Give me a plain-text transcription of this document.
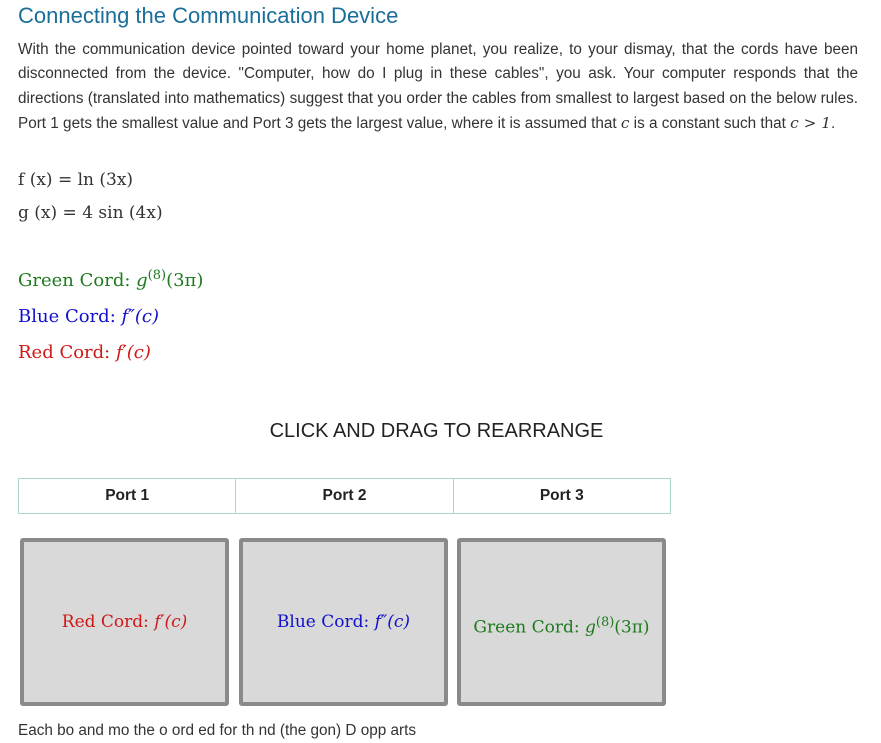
Connecting the Communication Device

With the communication device pointed toward your home planet, you realize, to your dismay, that the cords have been disconnected from the device. "Computer, how do I plug in these cables", you ask. Your computer responds that the directions (translated into mathematics) suggest that you order the cables from smallest to largest based on the below rules. Port 1 gets the smallest value and Port 3 gets the largest value, where it is assumed that c is a constant such that c > 1.

f (x) = ln (3x)
g (x) = 4 sin (4x)
Green Cord: $g^{(8)}(3\pi)$
Blue Cord: f″(c)
Red Cord: f′(c)
CLICK AND DRAG TO REARRANGE
Port 1	Port 2	Port 3
Red Cord: f′(c)	Blue Cord: f″(c)	Green Cord: $g^{(8)}(3\pi)$
Each bo and mo the o ord ed for th nd (the gon) D opp arts
